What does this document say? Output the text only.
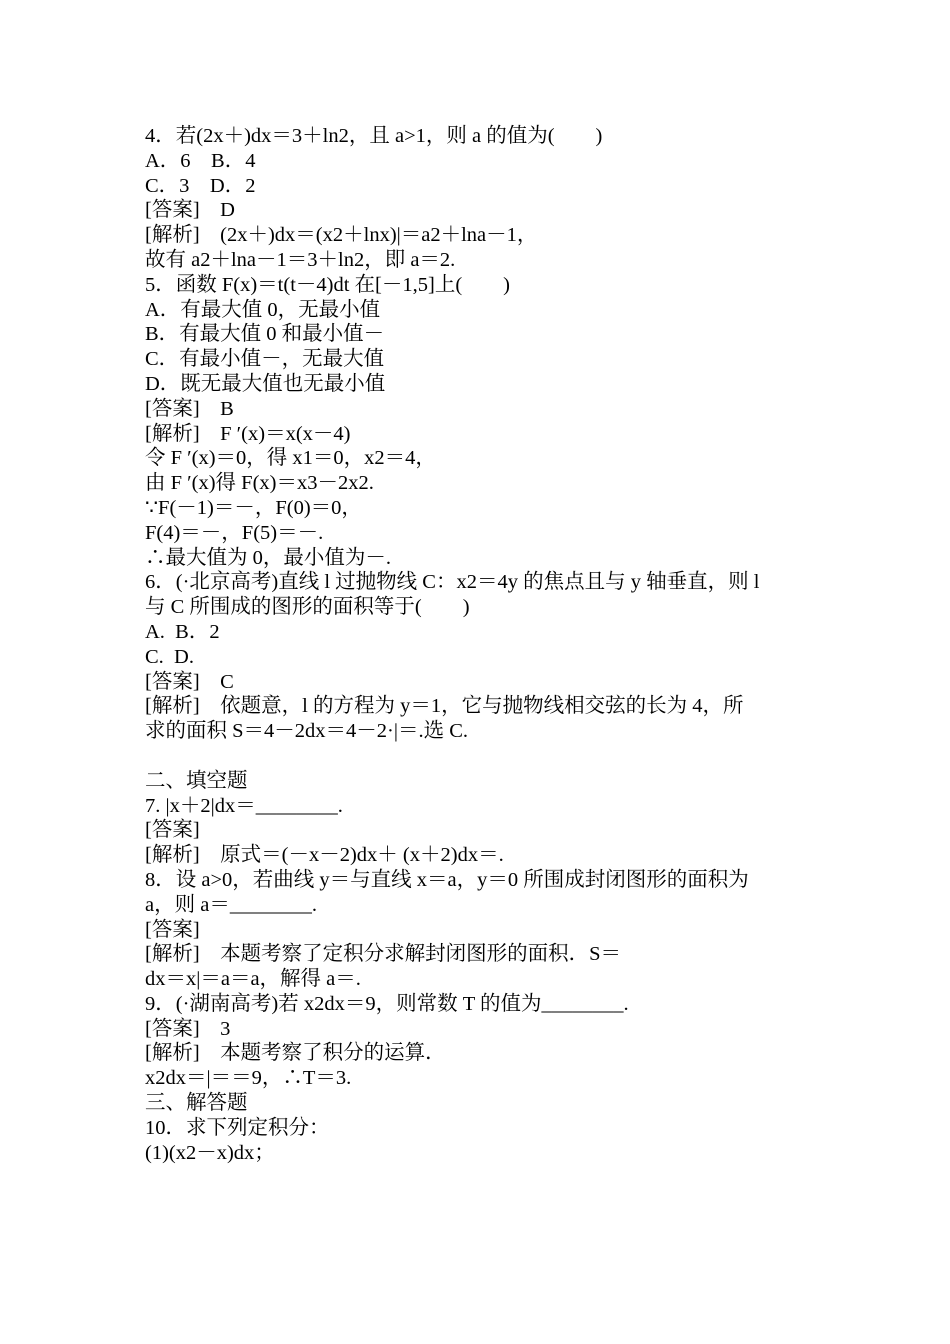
4．若(2x＋)dx＝3＋ln2，且 a>1，则 a 的值为(　　)
A．6　B．4
C．3　D．2
[答案]　D
[解析]　(2x＋)dx＝(x2＋lnx)|＝a2＋lna－1，
故有 a2＋lna－1＝3＋ln2，即 a＝2.
5．函数 F(x)＝t(t－4)dt 在[－1,5]上(　　)
A．有最大值 0，无最小值
B．有最大值 0 和最小值－
C．有最小值－，无最大值
D．既无最大值也无最小值
[答案]　B
[解析]　F ′(x)＝x(x－4)
令 F ′(x)＝0，得 x1＝0，x2＝4，
由 F ′(x)得 F(x)＝x3－2x2.
∵F(－1)＝－，F(0)＝0，
F(4)＝－，F(5)＝－.
∴最大值为 0，最小值为－.
6．(·北京高考)直线 l 过抛物线 C：x2＝4y 的焦点且与 y 轴垂直，则 l
与 C 所围成的图形的面积等于(　　)
A.  B．2
C.  D.
[答案]　C
[解析]　依题意，l 的方程为 y＝1，它与抛物线相交弦的长为 4，所
求的面积 S＝4－2dx＝4－2·|＝.选 C.
二、填空题
7. |x＋2|dx＝________.
[答案]
[解析]　原式＝(－x－2)dx＋ (x＋2)dx＝.
8．设 a>0，若曲线 y＝与直线 x＝a，y＝0 所围成封闭图形的面积为
a，则 a＝________.
[答案]
[解析]　本题考察了定积分求解封闭图形的面积．S＝
dx＝x|＝a＝a，解得 a＝.
9．(·湖南高考)若 x2dx＝9，则常数 T 的值为________.
[答案]　3
[解析]　本题考察了积分的运算．
x2dx＝|＝＝9，∴T＝3.
三、解答题
10．求下列定积分：
(1)(x2－x)dx；
